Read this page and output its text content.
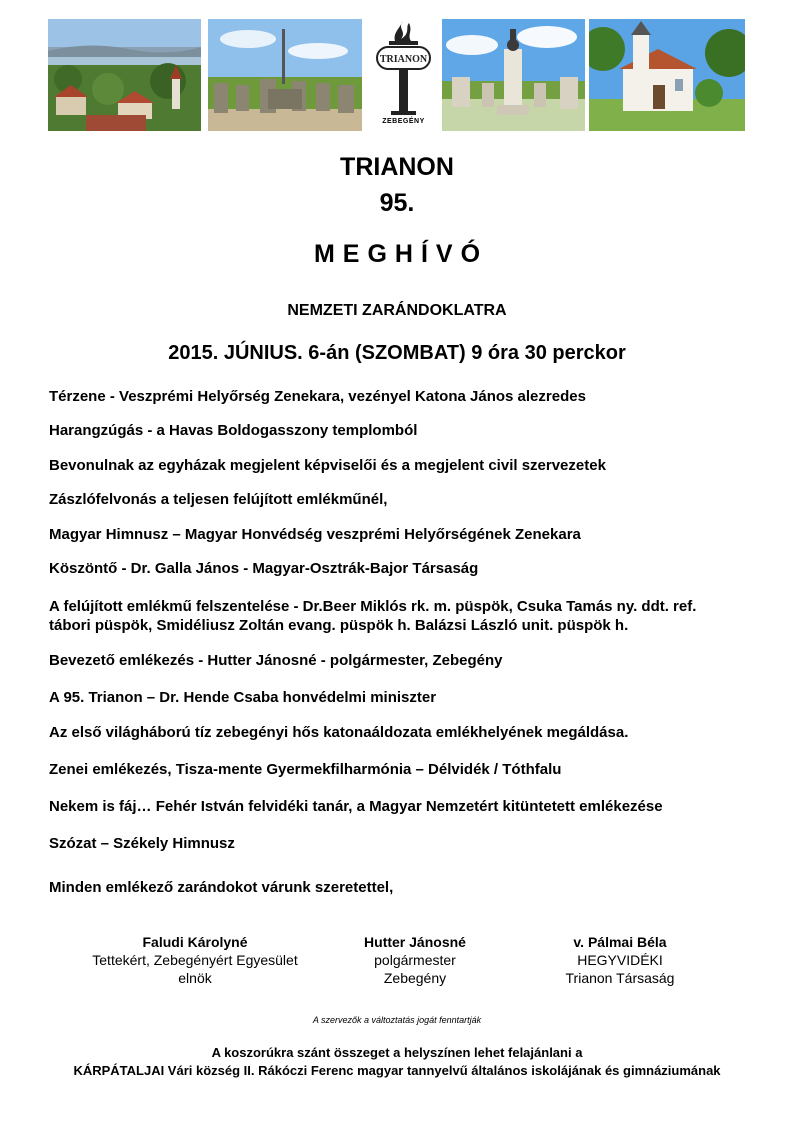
TRIANON
ZEBEGÉNY
TRIANON
95.
MEGHÍVÓ
NEMZETI ZARÁNDOKLATRA
2015. JÚNIUS. 6-án (SZOMBAT) 9 óra 30 perckor

Térzene - Veszprémi Helyőrség Zenekara, vezényel Katona János alezredes

Harangzúgás - a Havas Boldogasszony templomból

Bevonulnak az egyházak megjelent képviselői és a megjelent civil szervezetek

Zászlófelvonás a teljesen felújított emlékműnél,

Magyar Himnusz – Magyar Honvédség veszprémi Helyőrségének Zenekara

Köszöntő - Dr. Galla János - Magyar-Osztrák-Bajor Társaság

A felújított emlékmű felszentelése - Dr.Beer Miklós rk. m. püspök, Csuka Tamás ny. ddt. ref. tábori püspök, Smidéliusz Zoltán evang. püspök h. Balázsi László unit. püspök h.

Bevezető emlékezés - Hutter Jánosné - polgármester, Zebegény

A 95. Trianon – Dr. Hende Csaba honvédelmi miniszter

Az első világháború tíz zebegényi hős katonaáldozata emlékhelyének megáldása.

Zenei emlékezés, Tisza-mente Gyermekfilharmónia – Délvidék / Tóthfalu

Nekem is fáj… Fehér István felvidéki tanár, a Magyar Nemzetért kitüntetett emlékezése

Szózat – Székely Himnusz

Minden emlékező zarándokot várunk szeretettel,

Faludi Károlyné
Tettekért, Zebegényért Egyesület
elnök
Hutter Jánosné
polgármester
Zebegény
v. Pálmai Béla
HEGYVIDÉKI
Trianon Társaság
A szervezők a változtatás jogát fenntartják
A koszorúkra szánt összeget a helyszínen lehet felajánlani a
KÁRPÁTALJAI Vári község II. Rákóczi Ferenc magyar tannyelvű általános iskolájának és gimnáziumának
